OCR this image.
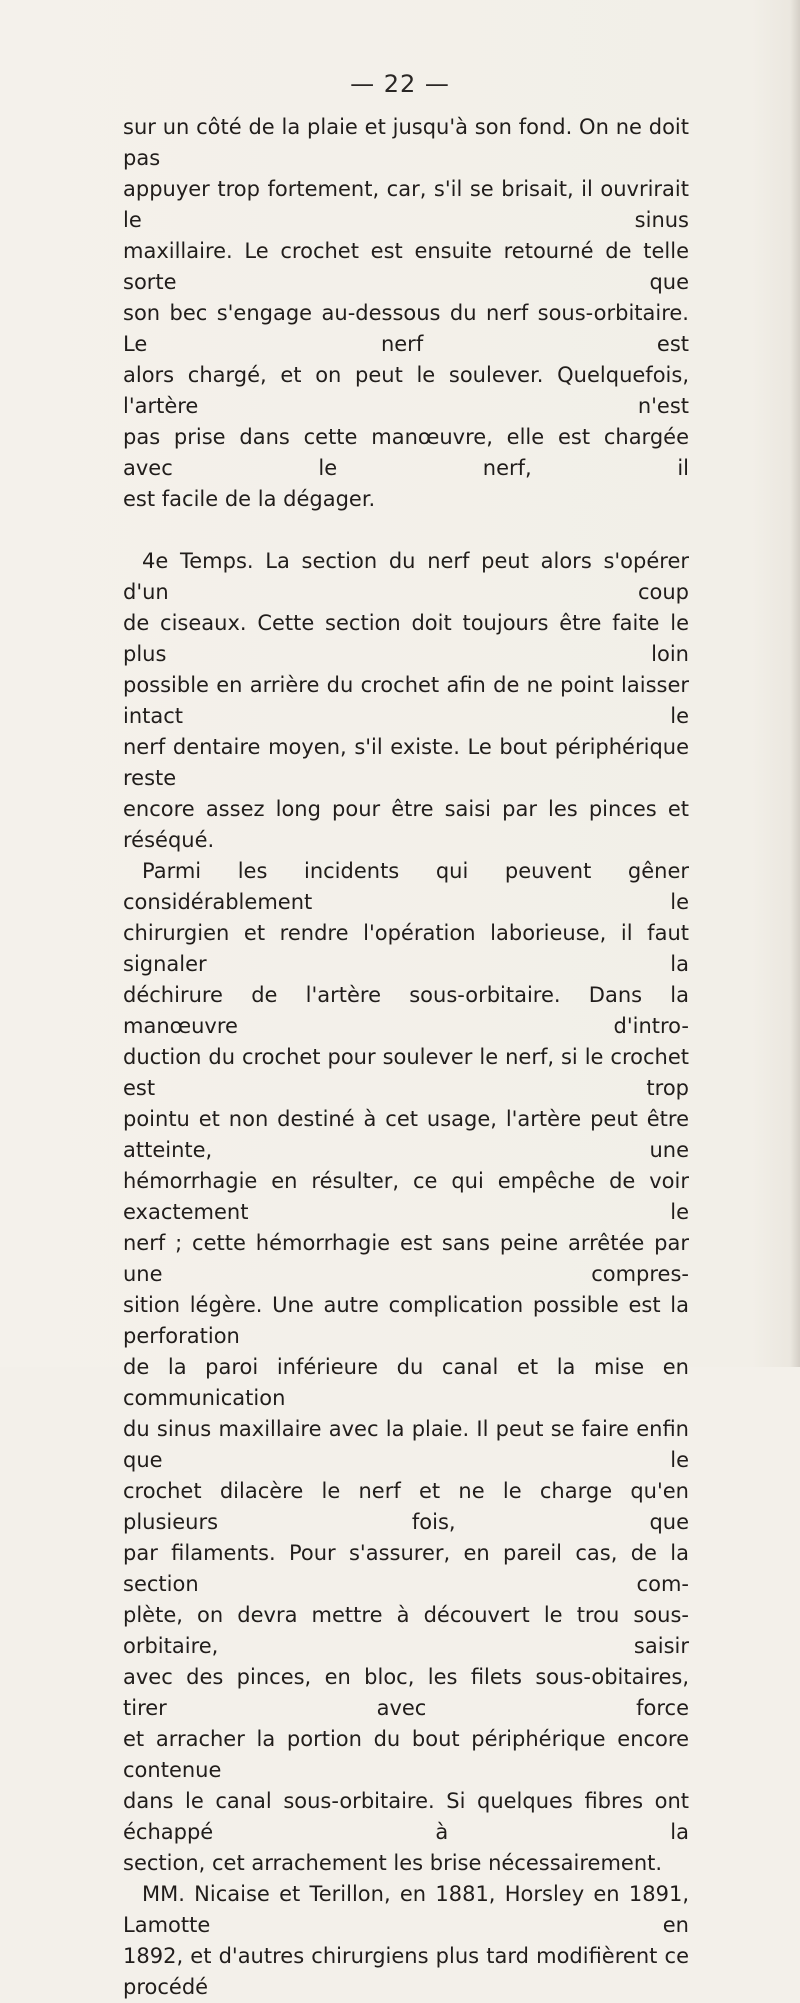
— 22 —

sur un côté de la plaie et jusqu'à son fond. On ne doit pas

appuyer trop fortement, car, s'il se brisait, il ouvrirait le sinus

maxillaire. Le crochet est ensuite retourné de telle sorte que

son bec s'engage au-dessous du nerf sous-orbitaire. Le nerf est

alors chargé, et on peut le soulever. Quelquefois, l'artère n'est

pas prise dans cette manœuvre, elle est chargée avec le nerf, il

est facile de la dégager.

4e Temps. La section du nerf peut alors s'opérer d'un coup

de ciseaux. Cette section doit toujours être faite le plus loin

possible en arrière du crochet afin de ne point laisser intact le

nerf dentaire moyen, s'il existe. Le bout périphérique reste

encore assez long pour être saisi par les pinces et réséqué.

Parmi les incidents qui peuvent gêner considérablement le

chirurgien et rendre l'opération laborieuse, il faut signaler la

déchirure de l'artère sous-orbitaire. Dans la manœuvre d'intro-

duction du crochet pour soulever le nerf, si le crochet est trop

pointu et non destiné à cet usage, l'artère peut être atteinte, une

hémorrhagie en résulter, ce qui empêche de voir exactement le

nerf ; cette hémorrhagie est sans peine arrêtée par une compres-

sition légère. Une autre complication possible est la perforation

de la paroi inférieure du canal et la mise en communication

du sinus maxillaire avec la plaie. Il peut se faire enfin que le

crochet dilacère le nerf et ne le charge qu'en plusieurs fois, que

par filaments. Pour s'assurer, en pareil cas, de la section com-

plète, on devra mettre à découvert le trou sous-orbitaire, saisir

avec des pinces, en bloc, les filets sous-obitaires, tirer avec force

et arracher la portion du bout périphérique encore contenue

dans le canal sous-orbitaire. Si quelques fibres ont échappé à la

section, cet arrachement les brise nécessairement.

MM. Nicaise et Terillon, en 1881, Horsley en 1891, Lamotte en

1892, et d'autres chirurgiens plus tard modifièrent ce procédé
